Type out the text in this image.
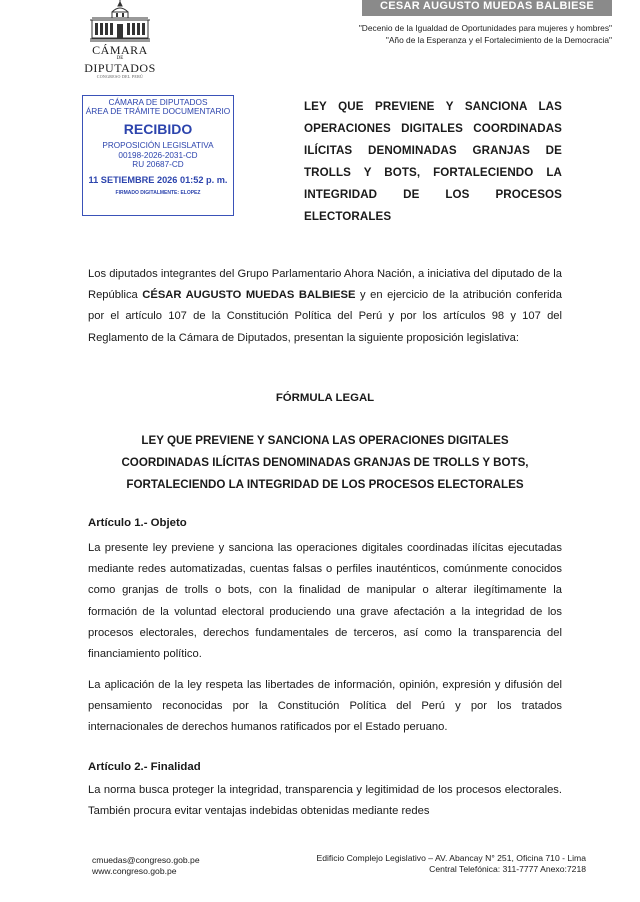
CÁMARA
DE
DIPUTADOS
CONGRESO DEL PERÚ
CESAR AUGUSTO MUEDAS BALBIESE
"Decenio de la Igualdad de Oportunidades para mujeres y hombres"
"Año de la Esperanza y el Fortalecimiento de la Democracia"
CÁMARA DE DIPUTADOS
ÁREA DE TRÁMITE DOCUMENTARIO
RECIBIDO
PROPOSICIÓN LEGISLATIVA
00198-2026-2031-CD
RU 20687-CD
11 SETIEMBRE 2026 01:52 p. m.
FIRMADO DIGITALMENTE: ELOPEZ
LEY QUE PREVIENE Y SANCIONA LAS OPERACIONES DIGITALES COORDINADAS ILÍCITAS DENOMINADAS GRANJAS DE TROLLS Y BOTS, FORTALECIENDO LA INTEGRIDAD DE LOS PROCESOS ELECTORALES
Los diputados integrantes del Grupo Parlamentario Ahora Nación, a iniciativa del diputado de la República CÉSAR AUGUSTO MUEDAS BALBIESE y en ejercicio de la atribución conferida por el artículo 107 de la Constitución Política del Perú y por los artículos 98 y 107 del Reglamento de la Cámara de Diputados, presentan la siguiente proposición legislativa:
FÓRMULA LEGAL
LEY QUE PREVIENE Y SANCIONA LAS OPERACIONES DIGITALES
COORDINADAS ILÍCITAS DENOMINADAS GRANJAS DE TROLLS Y BOTS,
FORTALECIENDO LA INTEGRIDAD DE LOS PROCESOS ELECTORALES
Artículo 1.- Objeto
La presente ley previene y sanciona las operaciones digitales coordinadas ilícitas ejecutadas mediante redes automatizadas, cuentas falsas o perfiles inauténticos, comúnmente conocidos como granjas de trolls o bots, con la finalidad de manipular o alterar ilegítimamente la formación de la voluntad electoral produciendo una grave afectación a la integridad de los procesos electorales, derechos fundamentales de terceros, así como la transparencia del financiamiento político.
La aplicación de la ley respeta las libertades de información, opinión, expresión y difusión del pensamiento reconocidas por la Constitución Política del Perú y por los tratados internacionales de derechos humanos ratificados por el Estado peruano.
Artículo 2.- Finalidad
La norma busca proteger la integridad, transparencia y legitimidad de los procesos electorales. También procura evitar ventajas indebidas obtenidas mediante redes
cmuedas@congreso.gob.pe
www.congreso.gob.pe
Edificio Complejo Legislativo – AV. Abancay N° 251, Oficina 710 - Lima
Central Telefónica: 311-7777 Anexo:7218
